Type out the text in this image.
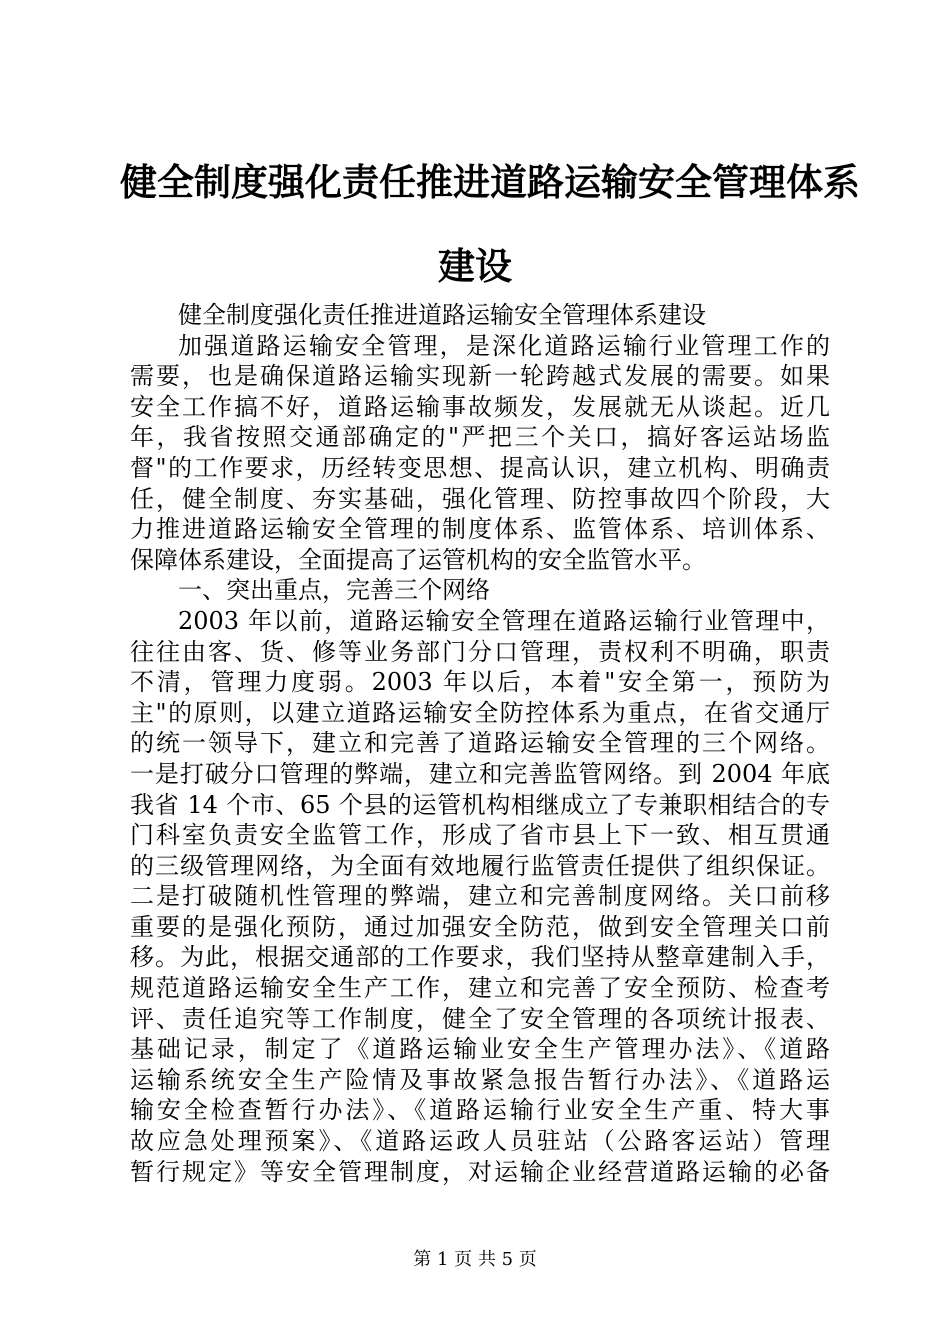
健全制度强化责任推进道路运输安全管理体系
建设
健全制度强化责任推进道路运输安全管理体系建设
加强道路运输安全管理，是深化道路运输行业管理工作的
需要，也是确保道路运输实现新一轮跨越式发展的需要。如果
安全工作搞不好，道路运输事故频发，发展就无从谈起。近几
年，我省按照交通部确定的"严把三个关口，搞好客运站场监
督"的工作要求，历经转变思想、提高认识，建立机构、明确责
任，健全制度、夯实基础，强化管理、防控事故四个阶段，大
力推进道路运输安全管理的制度体系、监管体系、培训体系、
保障体系建设，全面提高了运管机构的安全监管水平。
一、突出重点，完善三个网络
2003 年以前，道路运输安全管理在道路运输行业管理中，
往往由客、货、修等业务部门分口管理，责权利不明确，职责
不清，管理力度弱。2003 年以后，本着"安全第一，预防为
主"的原则，以建立道路运输安全防控体系为重点，在省交通厅
的统一领导下，建立和完善了道路运输安全管理的三个网络。
一是打破分口管理的弊端，建立和完善监管网络。到 2004 年底
我省 14 个市、65 个县的运管机构相继成立了专兼职相结合的专
门科室负责安全监管工作，形成了省市县上下一致、相互贯通
的三级管理网络，为全面有效地履行监管责任提供了组织保证。
二是打破随机性管理的弊端，建立和完善制度网络。关口前移
重要的是强化预防，通过加强安全防范，做到安全管理关口前
移。为此，根据交通部的工作要求，我们坚持从整章建制入手，
规范道路运输安全生产工作，建立和完善了安全预防、检查考
评、责任追究等工作制度，健全了安全管理的各项统计报表、
基础记录，制定了《道路运输业安全生产管理办法》、《道路
运输系统安全生产险情及事故紧急报告暂行办法》、《道路运
输安全检查暂行办法》、《道路运输行业安全生产重、特大事
故应急处理预案》、《道路运政人员驻站（公路客运站）管理
暂行规定》等安全管理制度，对运输企业经营道路运输的必备
第 1 页 共 5 页
